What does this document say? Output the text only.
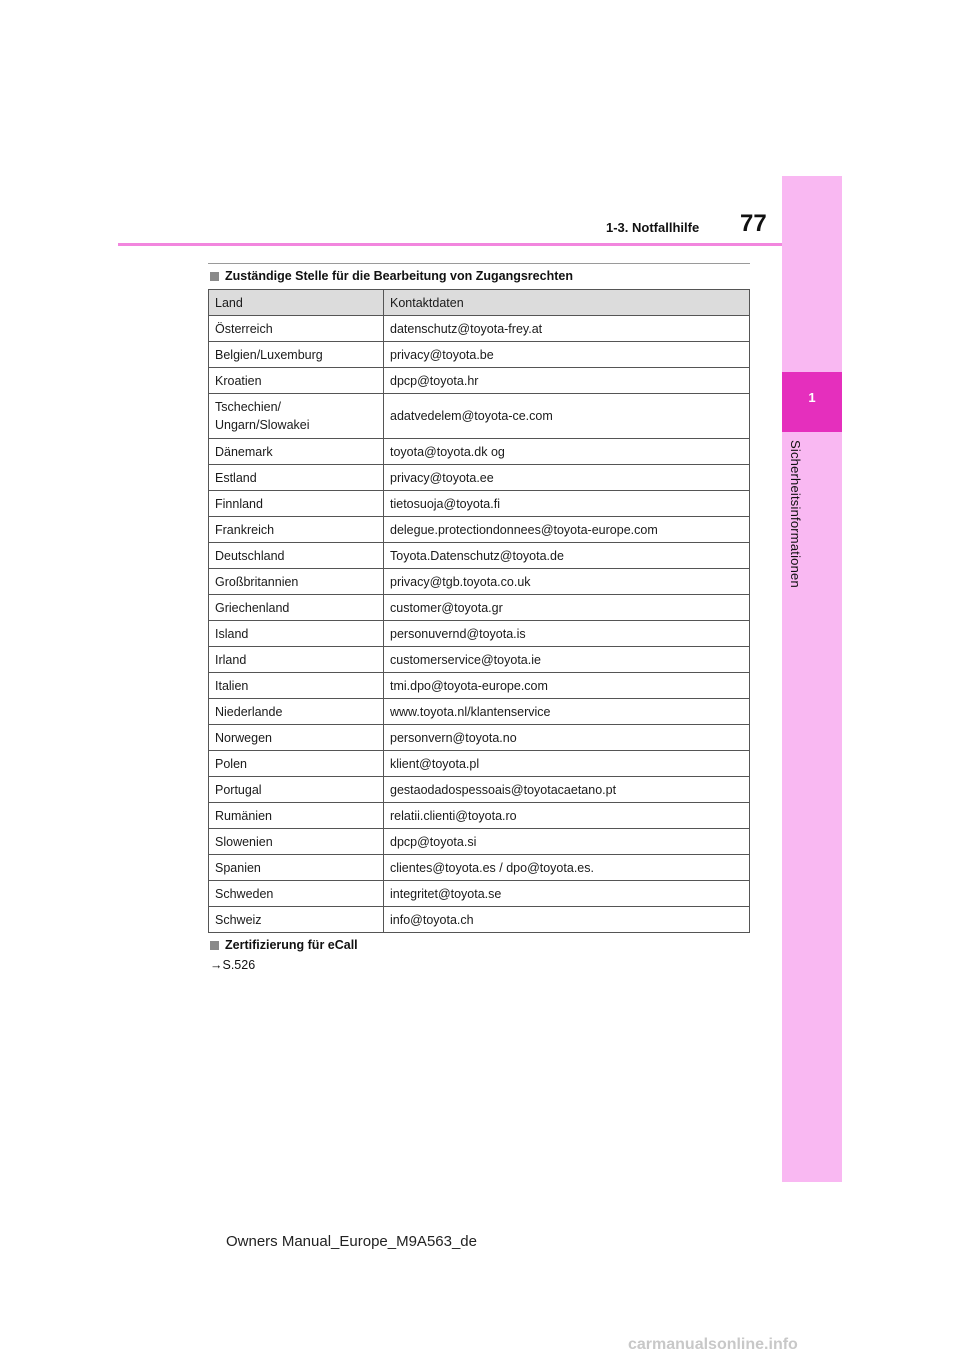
1
Sicherheitsinformationen
1-3. Notfallhilfe 77
Zuständige Stelle für die Bearbeitung von Zugangsrechten
Land	Kontaktdaten
Österreich	datenschutz@toyota-frey.at
Belgien/Luxemburg	privacy@toyota.be
Kroatien	dpcp@toyota.hr

Tschechien/
Ungarn/Slowakei	adatvedelem@toyota-ce.com
Dänemark	toyota@toyota.dk og
Estland	privacy@toyota.ee
Finnland	tietosuoja@toyota.fi
Frankreich	delegue.protectiondonnees@toyota-europe.com
Deutschland	Toyota.Datenschutz@toyota.de
Großbritannien	privacy@tgb.toyota.co.uk
Griechenland	customer@toyota.gr
Island	personuvernd@toyota.is
Irland	customerservice@toyota.ie
Italien	tmi.dpo@toyota-europe.com
Niederlande	www.toyota.nl/klantenservice
Norwegen	personvern@toyota.no
Polen	klient@toyota.pl
Portugal	gestaodadospessoais@toyotacaetano.pt
Rumänien	relatii.clienti@toyota.ro
Slowenien	dpcp@toyota.si
Spanien	clientes@toyota.es / dpo@toyota.es.
Schweden	integritet@toyota.se
Schweiz	info@toyota.ch
Zertifizierung für eCall
→S.526
Owners Manual_Europe_M9A563_de
carmanualsonline.info
